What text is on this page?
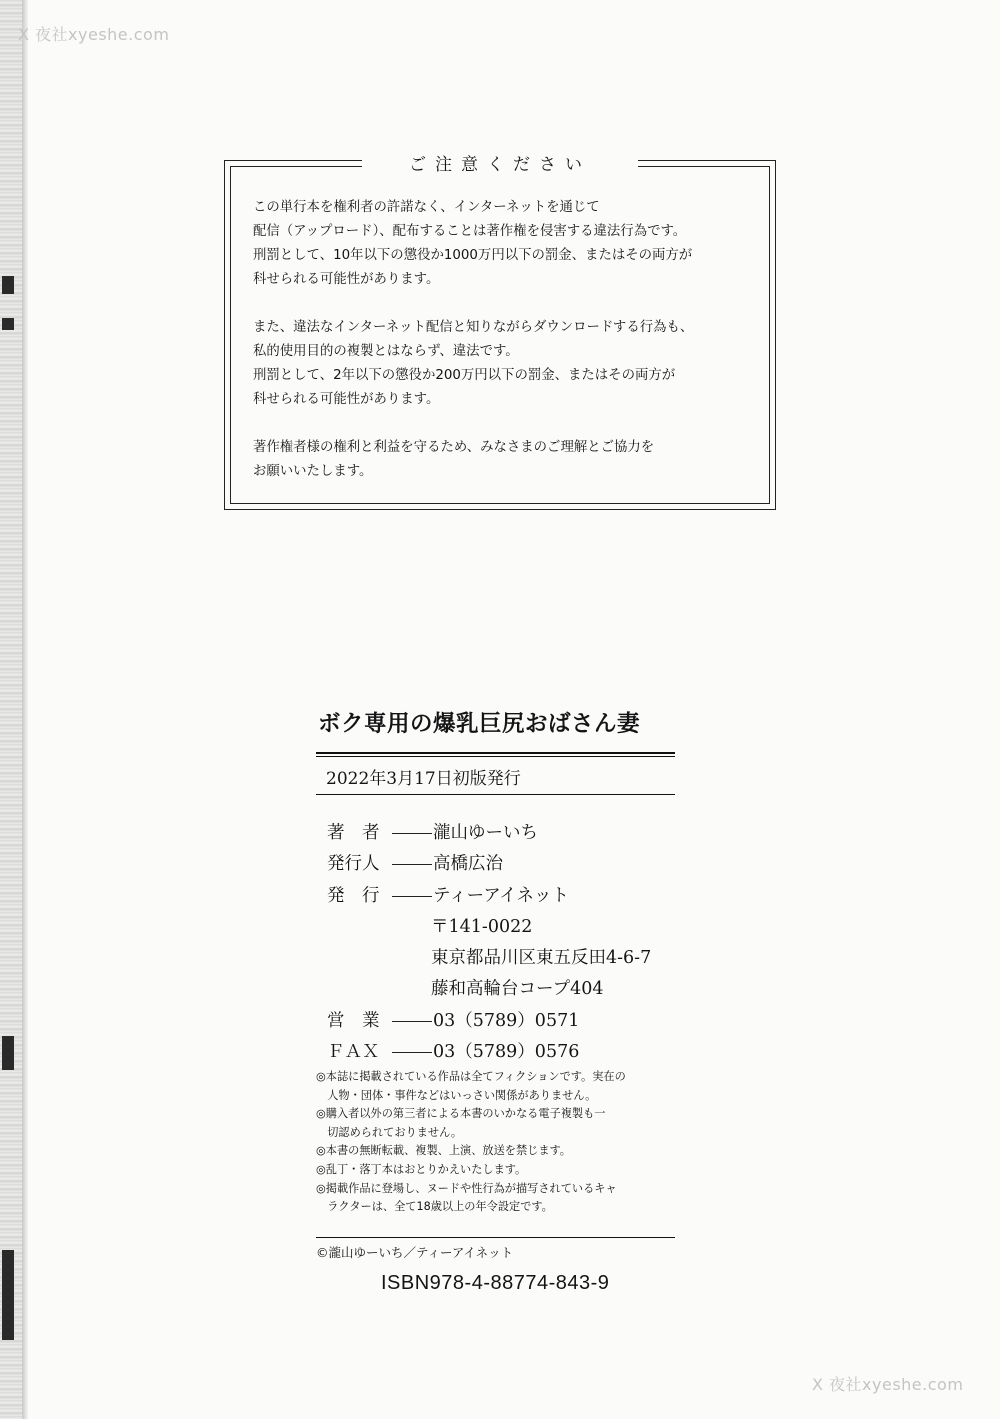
X 夜社xyeshe.com
ご注意ください

この単行本を権利者の許諾なく、インターネットを通じて
配信（アップロード）、配布することは著作権を侵害する違法行為です。
刑罰として、10年以下の懲役か1000万円以下の罰金、またはその両方が
科せられる可能性があります。

また、違法なインターネット配信と知りながらダウンロードする行為も、
私的使用目的の複製とはならず、違法です。
刑罰として、2年以下の懲役か200万円以下の罰金、またはその両方が
科せられる可能性があります。

著作権者様の権利と利益を守るため、みなさまのご理解とご協力を
お願いいたします。

ボク専用の爆乳巨尻おばさん妻
2022年3月17日初版発行
著　者	瀧山ゆーいち
発行人	高橋広治
発　行	ティーアイネット
〒141-0022
東京都品川区東五反田4-6-7
藤和高輪台コープ404
営　業	03（5789）0571
ＦＡＸ	03（5789）0576
◎本誌に掲載されている作品は全てフィクションです。実在の
　人物・団体・事件などはいっさい関係がありません。
◎購入者以外の第三者による本書のいかなる電子複製も一
　切認められておりません。
◎本書の無断転載、複製、上演、放送を禁じます。
◎乱丁・落丁本はおとりかえいたします。
◎掲載作品に登場し、ヌードや性行為が描写されているキャ
　ラクターは、全て18歳以上の年令設定です。
©瀧山ゆーいち／ティーアイネット
ISBN978-4-88774-843-9
X 夜社xyeshe.com
